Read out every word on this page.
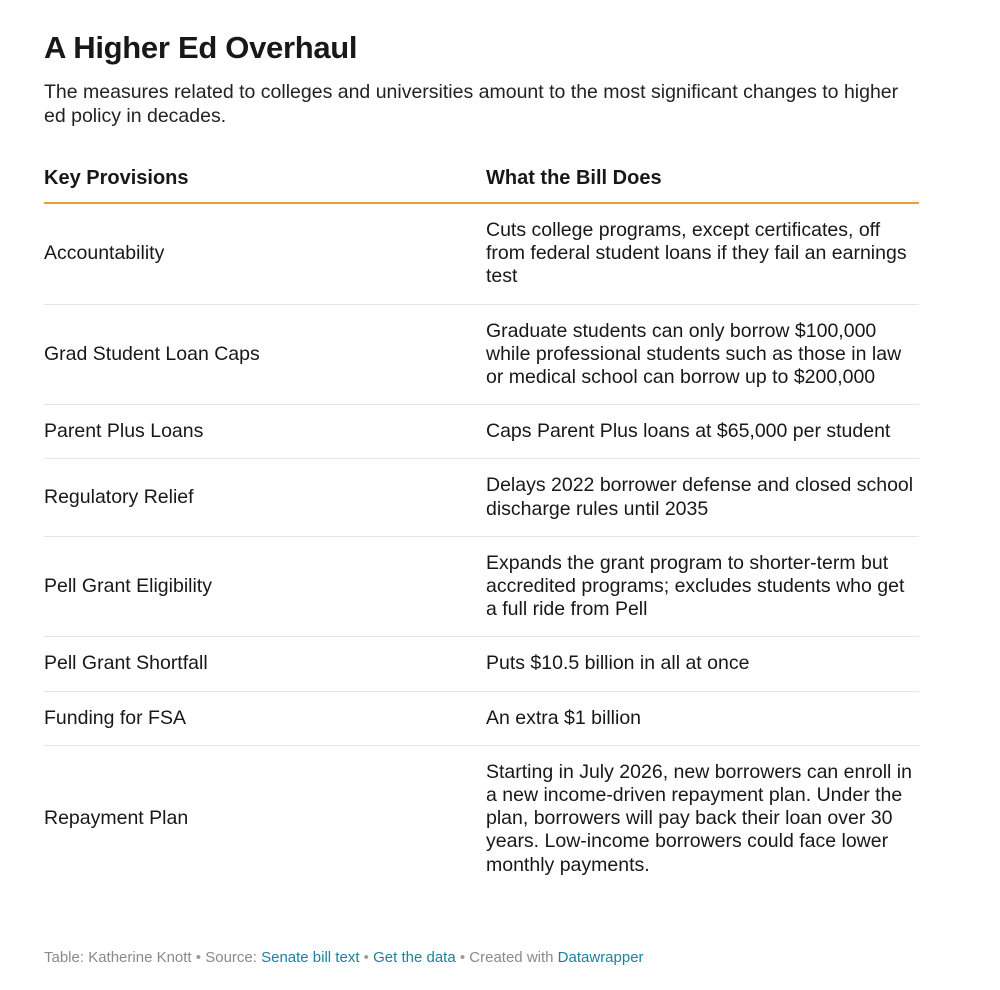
A Higher Ed Overhaul

The measures related to colleges and universities amount to the most significant changes to higher ed policy in decades.

Key Provisions	What the Bill Does
Accountability	Cuts college programs, except certificates, off from federal student loans if they fail an earnings test
Grad Student Loan Caps	Graduate students can only borrow $100,000 while professional students such as those in law or medical school can borrow up to $200,000
Parent Plus Loans	Caps Parent Plus loans at $65,000 per student
Regulatory Relief	Delays 2022 borrower defense and closed school discharge rules until 2035
Pell Grant Eligibility	Expands the grant program to shorter-term but accredited programs; excludes students who get a full ride from Pell
Pell Grant Shortfall	Puts $10.5 billion in all at once
Funding for FSA	An extra $1 billion
Repayment Plan	Starting in July 2026, new borrowers can enroll in a new income-driven repayment plan. Under the plan, borrowers will pay back their loan over 30 years. Low-income borrowers could face lower monthly payments.
Table: Katherine Knott • Source: Senate bill text • Get the data • Created with Datawrapper
